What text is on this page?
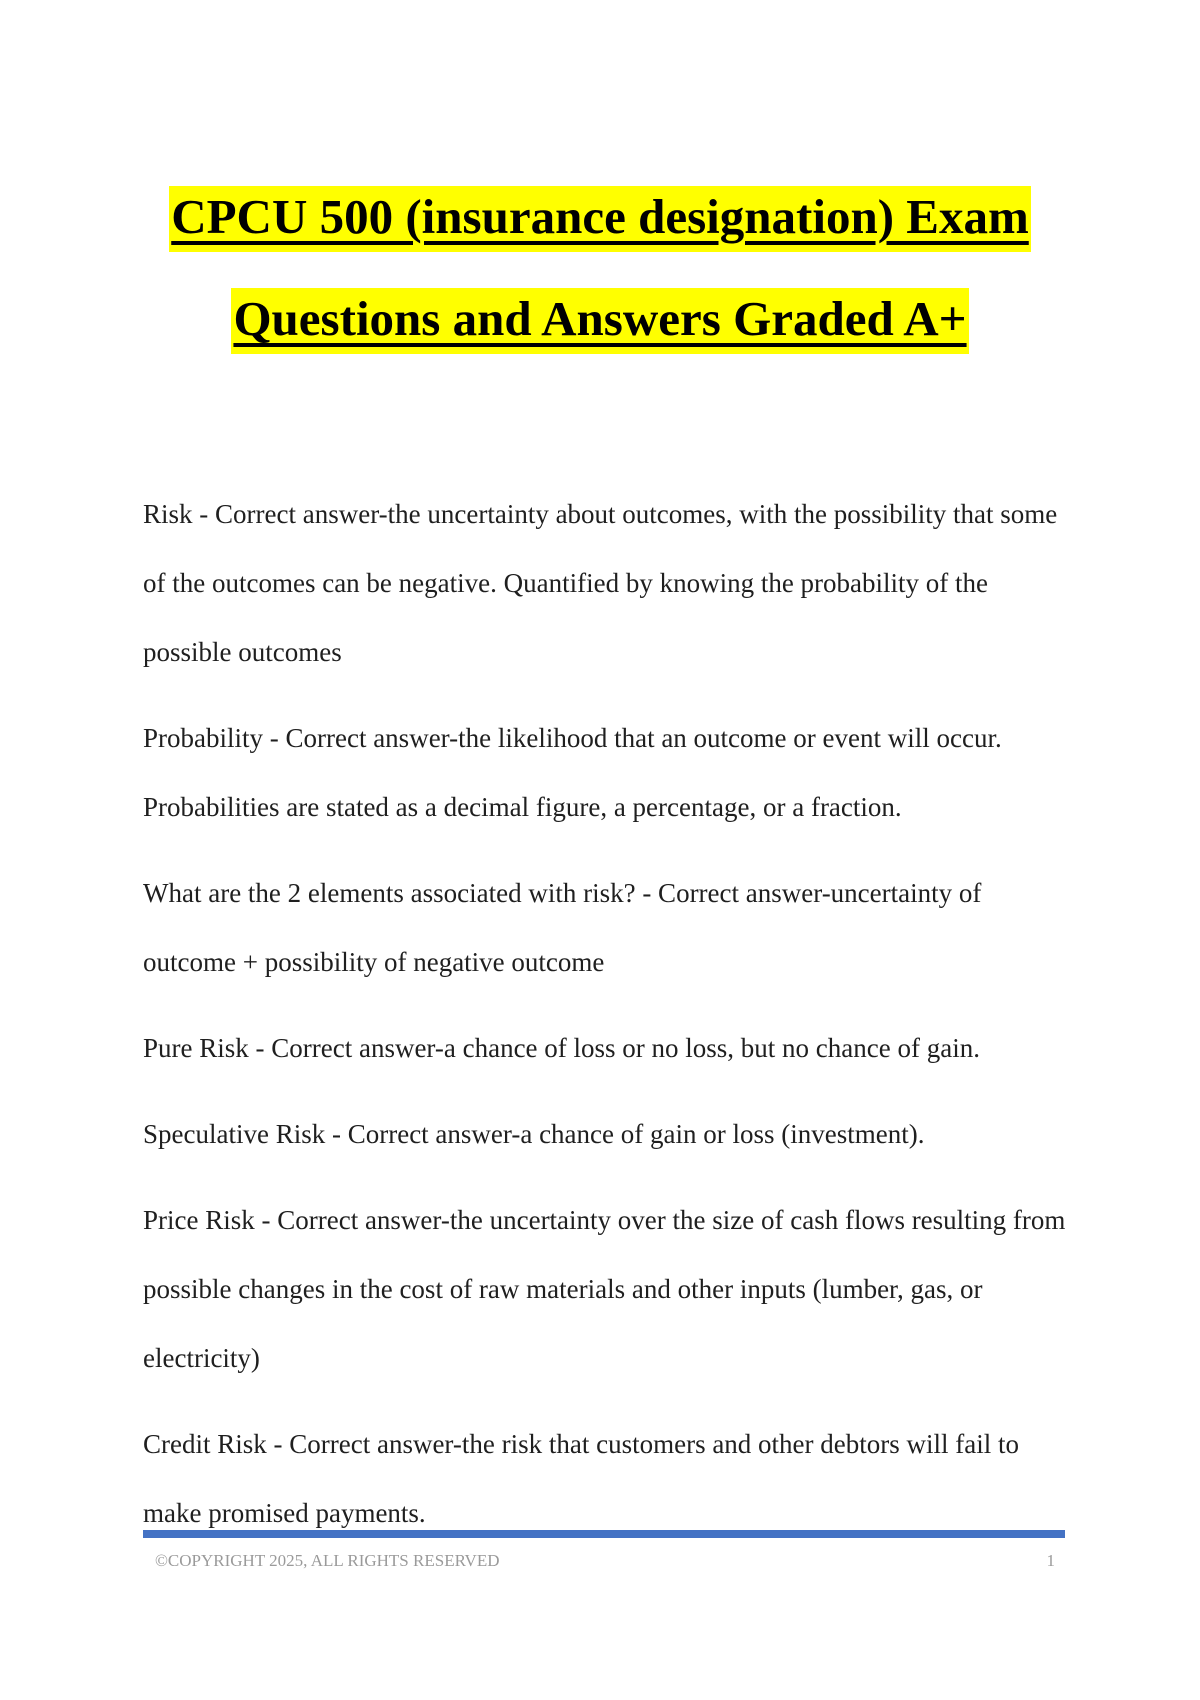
CPCU 500 (insurance designation) Exam
Questions and Answers Graded A+

Risk - Correct answer-the uncertainty about outcomes, with the possibility that some of the outcomes can be negative. Quantified by knowing the probability of the possible outcomes

Probability - Correct answer-the likelihood that an outcome or event will occur. Probabilities are stated as a decimal figure, a percentage, or a fraction.

What are the 2 elements associated with risk? - Correct answer-uncertainty of outcome + possibility of negative outcome

Pure Risk - Correct answer-a chance of loss or no loss, but no chance of gain.

Speculative Risk - Correct answer-a chance of gain or loss (investment).

Price Risk - Correct answer-the uncertainty over the size of cash flows resulting from possible changes in the cost of raw materials and other inputs (lumber, gas, or electricity)

Credit Risk - Correct answer-the risk that customers and other debtors will fail to make promised payments.

©COPYRIGHT 2025, ALL RIGHTS RESERVED	1
